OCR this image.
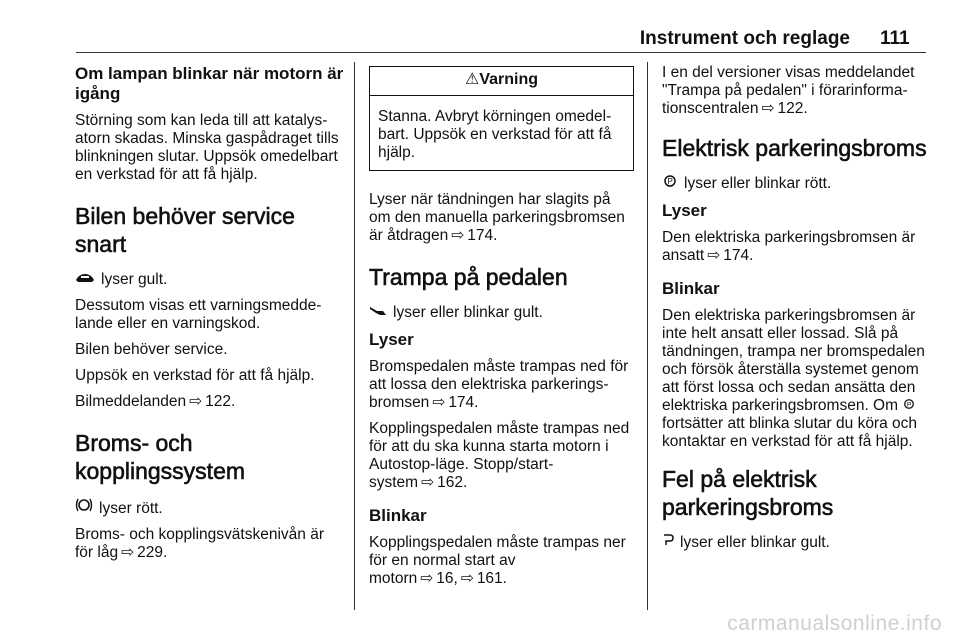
Instrument och reglage 111
Om lampan blinkar när motorn är igång

Störning som kan leda till att katalysatorn skadas. Minska gaspådraget tills blinkningen slutar. Uppsök omedelbart en verkstad för att få hjälp.

Bilen behöver service snart

lyser gult.

Dessutom visas ett varningsmeddelande eller en varningskod.

Bilen behöver service.

Uppsök en verkstad för att få hjälp.

Bilmeddelanden ⇨ 122.

Broms- och kopplingssystem

lyser rött.

Broms- och kopplingsvätskenivån är för låg ⇨ 229.

⚠Varning
Stanna. Avbryt körningen omedelbart. Uppsök en verkstad för att få hjälp.

Lyser när tändningen har slagits på om den manuella parkeringsbromsen är åtdragen ⇨ 174.

Trampa på pedalen

lyser eller blinkar gult.

Lyser

Bromspedalen måste trampas ned för att lossa den elektriska parkeringsbromsen ⇨ 174.

Kopplingspedalen måste trampas ned för att du ska kunna starta motorn i Autostop-läge. Stopp/start-system ⇨ 162.

Blinkar

Kopplingspedalen måste trampas ner för en normal start av motorn ⇨ 16, ⇨ 161.

I en del versioner visas meddelandet "Trampa på pedalen" i förarinformationscentralen ⇨ 122.

Elektrisk parkeringsbroms

P lyser eller blinkar rött.

Lyser

Den elektriska parkeringsbromsen är ansatt ⇨ 174.

Blinkar

Den elektriska parkeringsbromsen är inte helt ansatt eller lossad. Slå på tändningen, trampa ner bromspedalen och försök återställa systemet genom att först lossa och sedan ansätta den elektriska parkeringsbromsen. Om P
fortsätter att blinka slutar du köra och kontaktar en verkstad för att få hjälp.

Fel på elektrisk parkeringsbroms

lyser eller blinkar gult.

carmanualsonline.info
